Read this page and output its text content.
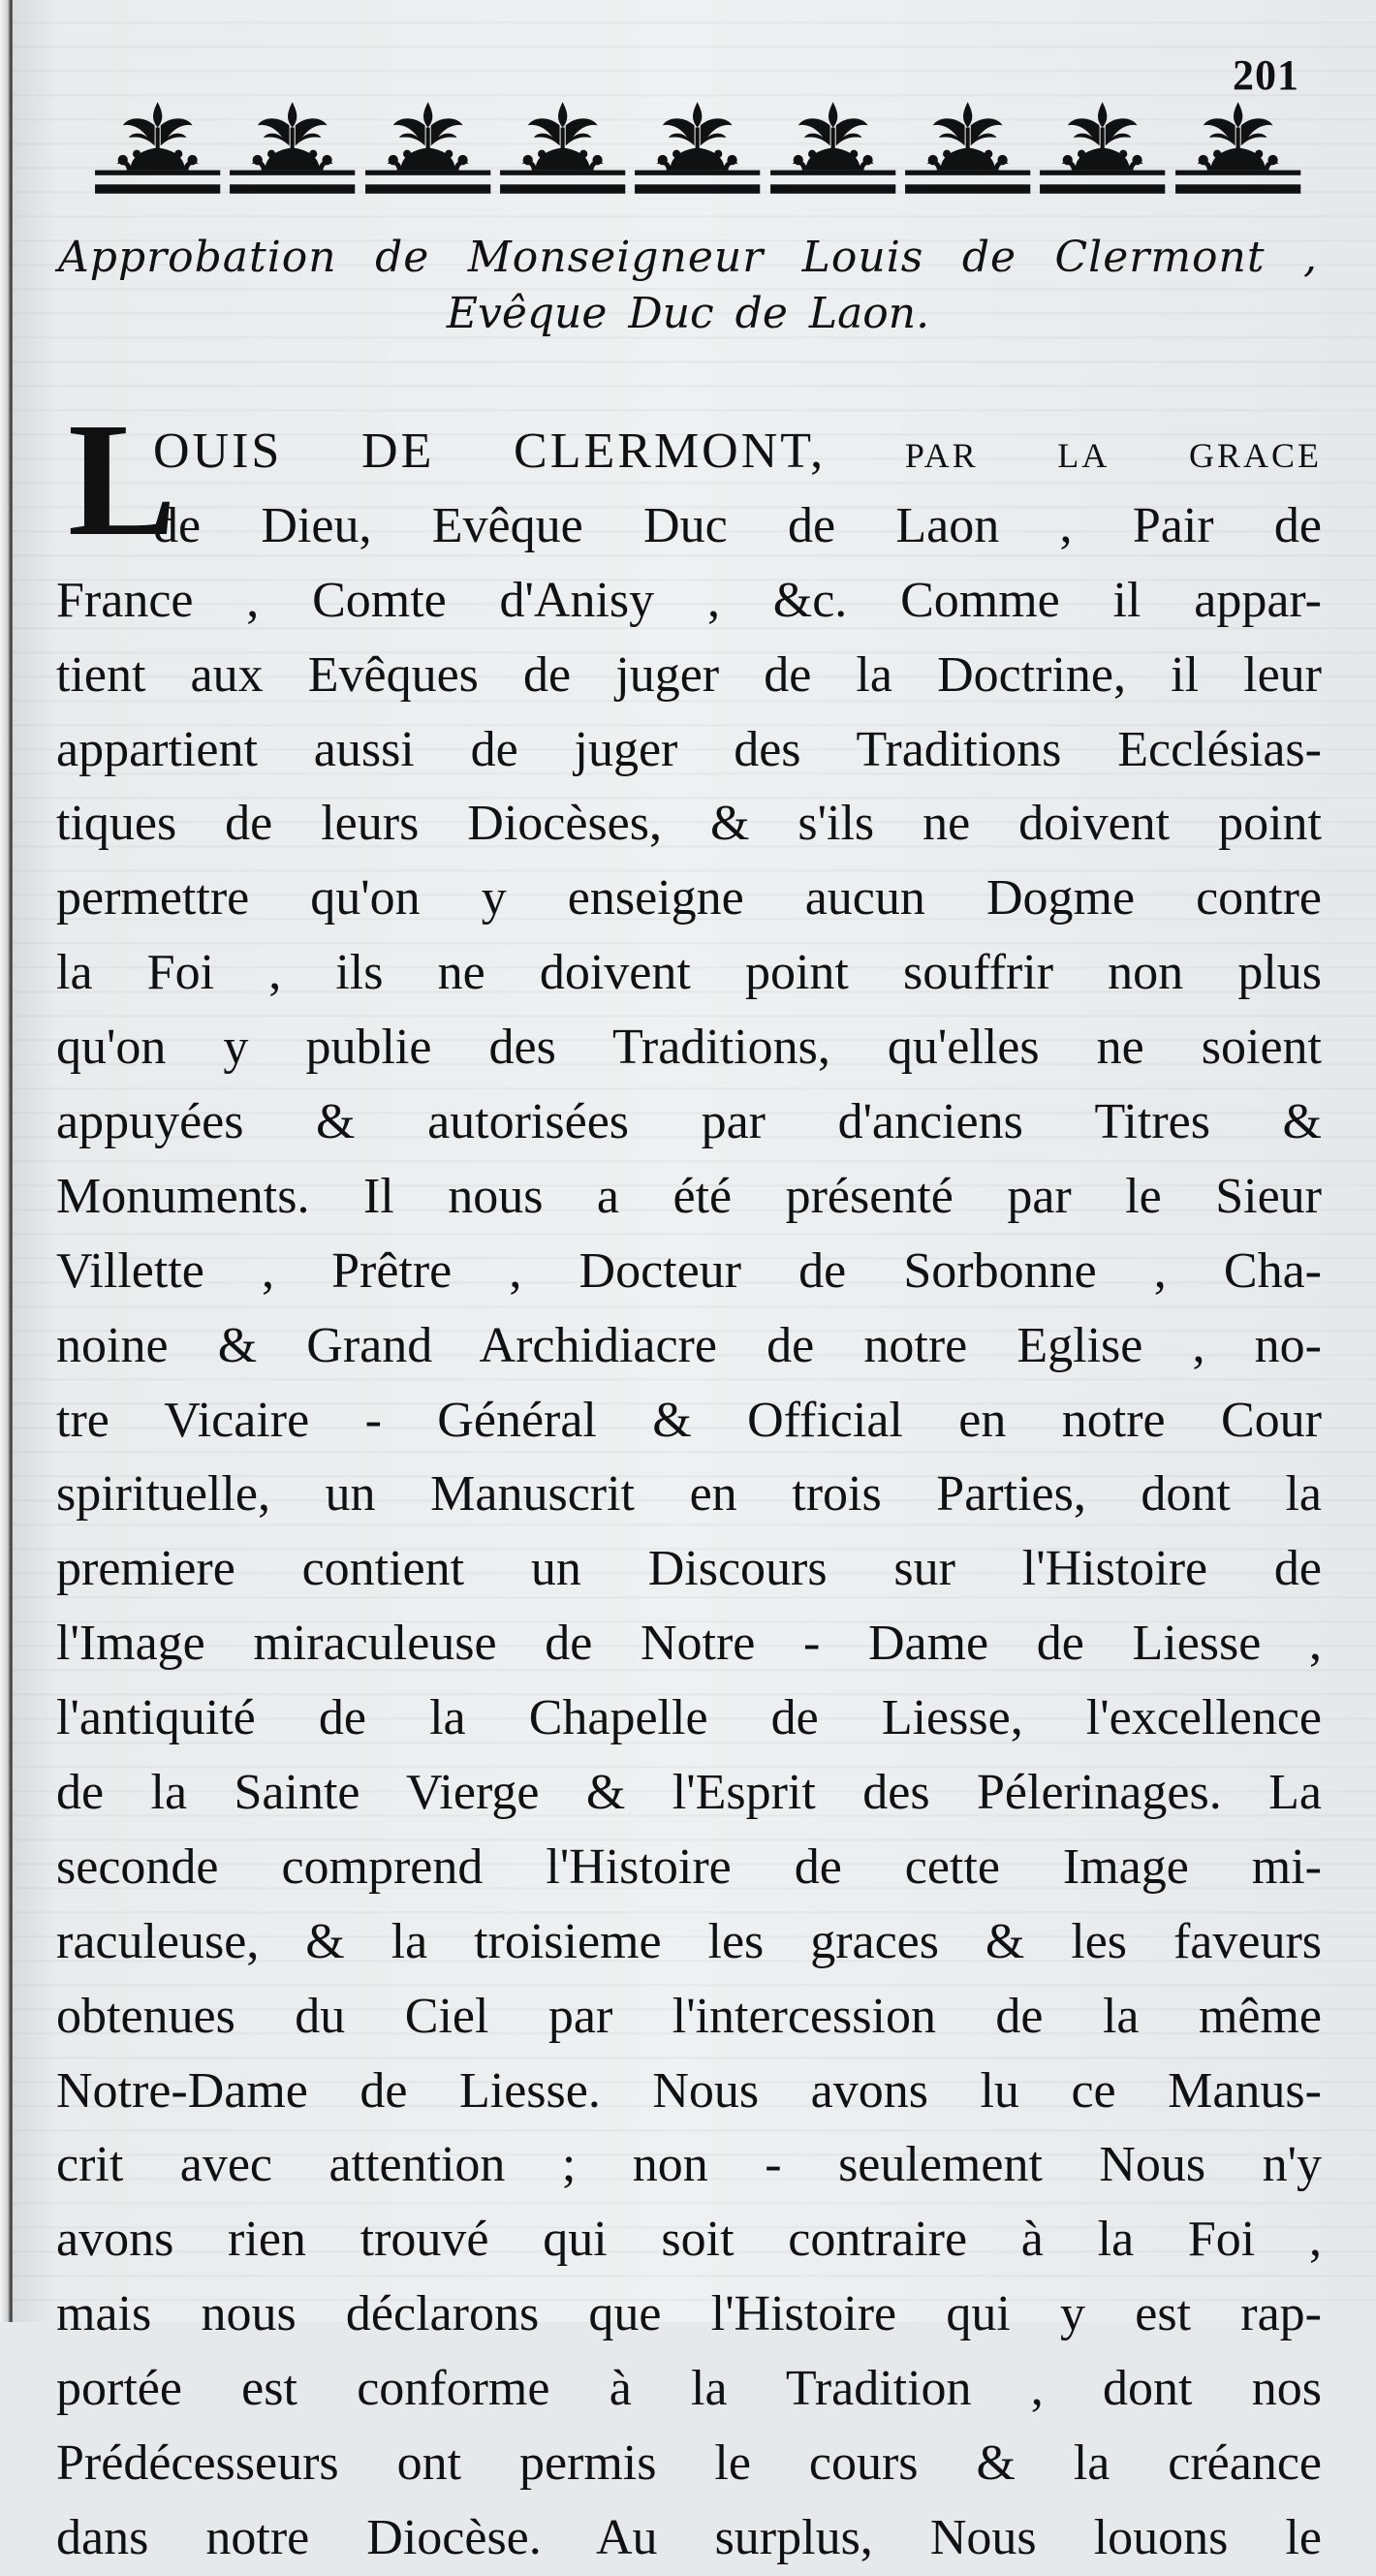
201
Approbation de Monseigneur Louis de Clermont ,
Evêque Duc de Laon.
L
OUIS DE CLERMONT, par la grace
de Dieu, Evêque Duc de Laon , Pair de
France , Comte d'Anisy , &c. Comme il appar-
tient aux Evêques de juger de la Doctrine, il leur
appartient aussi de juger des Traditions Ecclésias-
tiques de leurs Diocèses, & s'ils ne doivent point
permettre qu'on y enseigne aucun Dogme contre
la Foi , ils ne doivent point souffrir non plus
qu'on y publie des Traditions, qu'elles ne soient
appuyées & autorisées par d'anciens Titres &
Monuments. Il nous a été présenté par le Sieur
Villette , Prêtre , Docteur de Sorbonne , Cha-
noine & Grand Archidiacre de notre Eglise , no-
tre Vicaire - Général & Official en notre Cour
spirituelle, un Manuscrit en trois Parties, dont la
premiere contient un Discours sur l'Histoire de
l'Image miraculeuse de Notre - Dame de Liesse ,
l'antiquité de la Chapelle de Liesse, l'excellence
de la Sainte Vierge & l'Esprit des Pélerinages. La
seconde comprend l'Histoire de cette Image mi-
raculeuse, & la troisieme les graces & les faveurs
obtenues du Ciel par l'intercession de la même
Notre-Dame de Liesse. Nous avons lu ce Manus-
crit avec attention ; non - seulement Nous n'y
avons rien trouvé qui soit contraire à la Foi ,
mais nous déclarons que l'Histoire qui y est rap-
portée est conforme à la Tradition , dont nos
Prédécesseurs ont permis le cours & la créance
dans notre Diocèse. Au surplus, Nous louons le
